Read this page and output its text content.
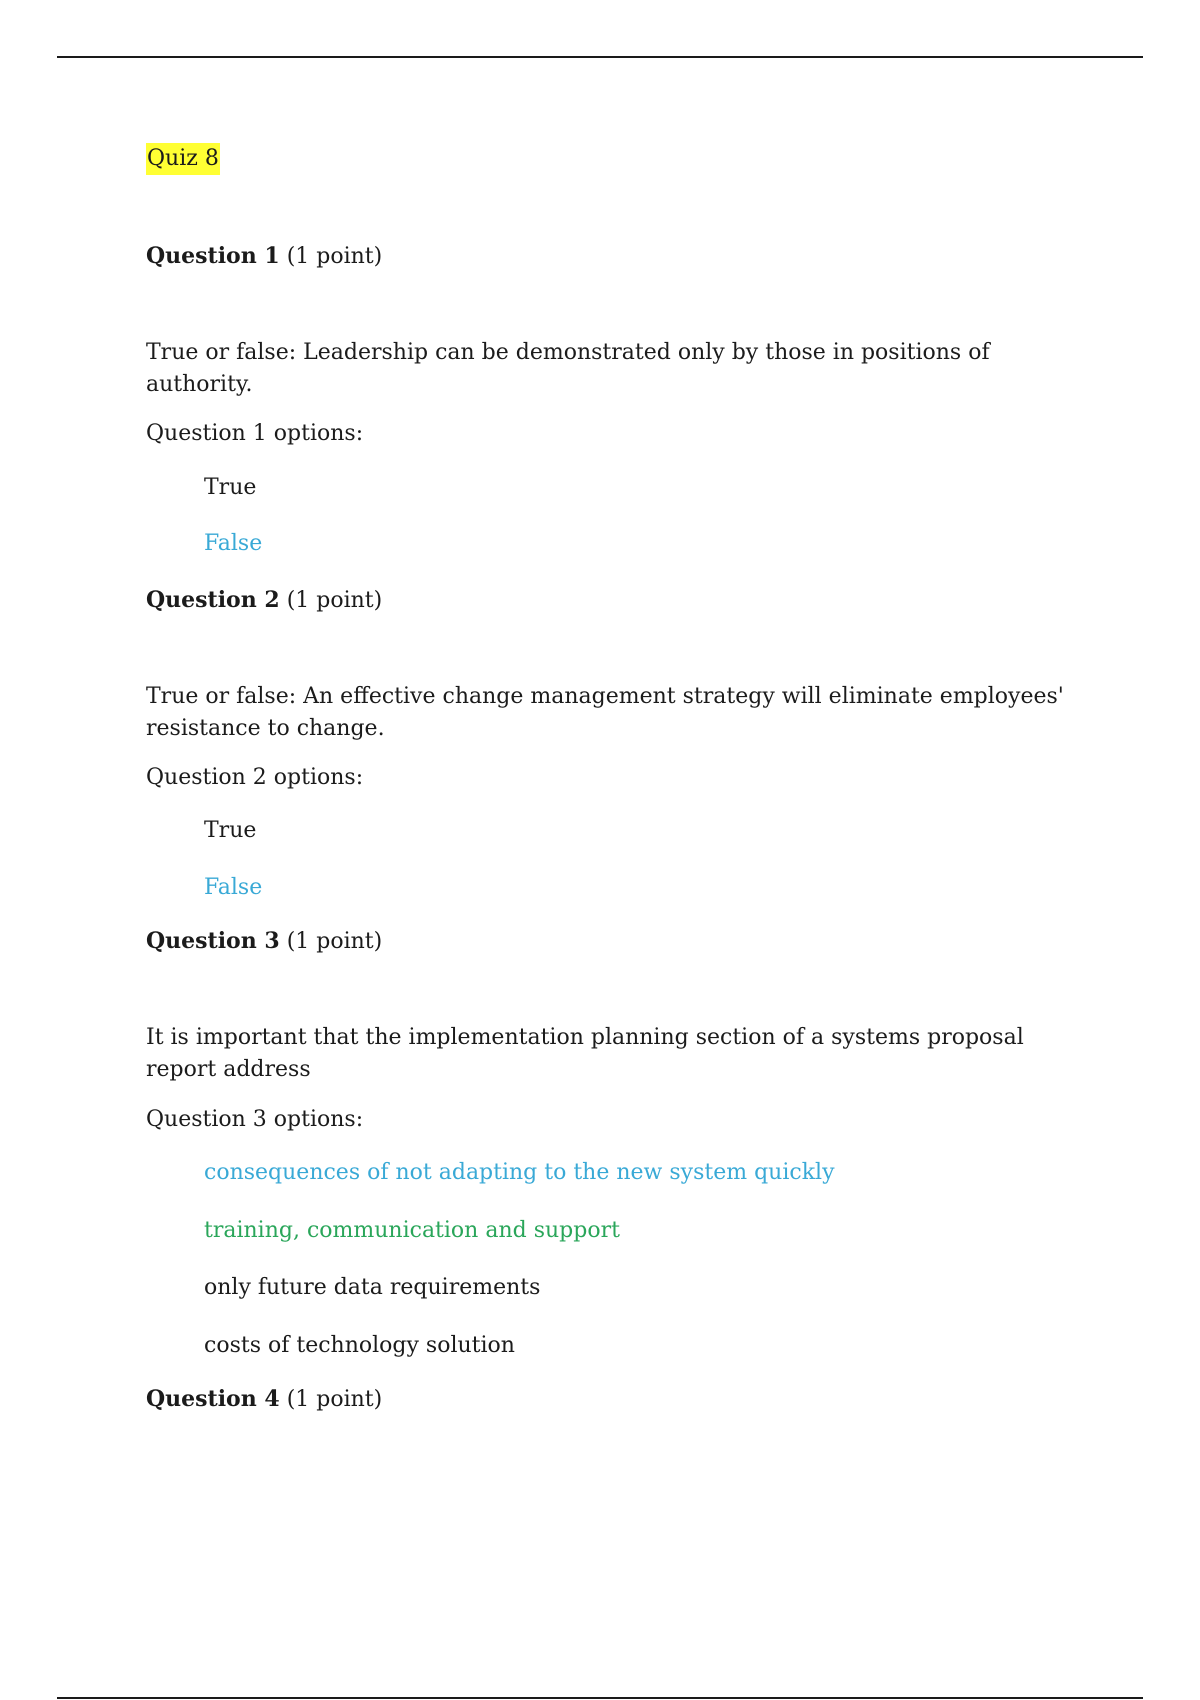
Quiz 8
Question 1 (1 point)
True or false: Leadership can be demonstrated only by those in positions of authority.
Question 1 options:
True
False
Question 2 (1 point)
True or false: An effective change management strategy will eliminate employees' resistance to change.
Question 2 options:
True
False
Question 3 (1 point)
It is important that the implementation planning section of a systems proposal report address
Question 3 options:
consequences of not adapting to the new system quickly
training, communication and support
only future data requirements
costs of technology solution
Question 4 (1 point)
